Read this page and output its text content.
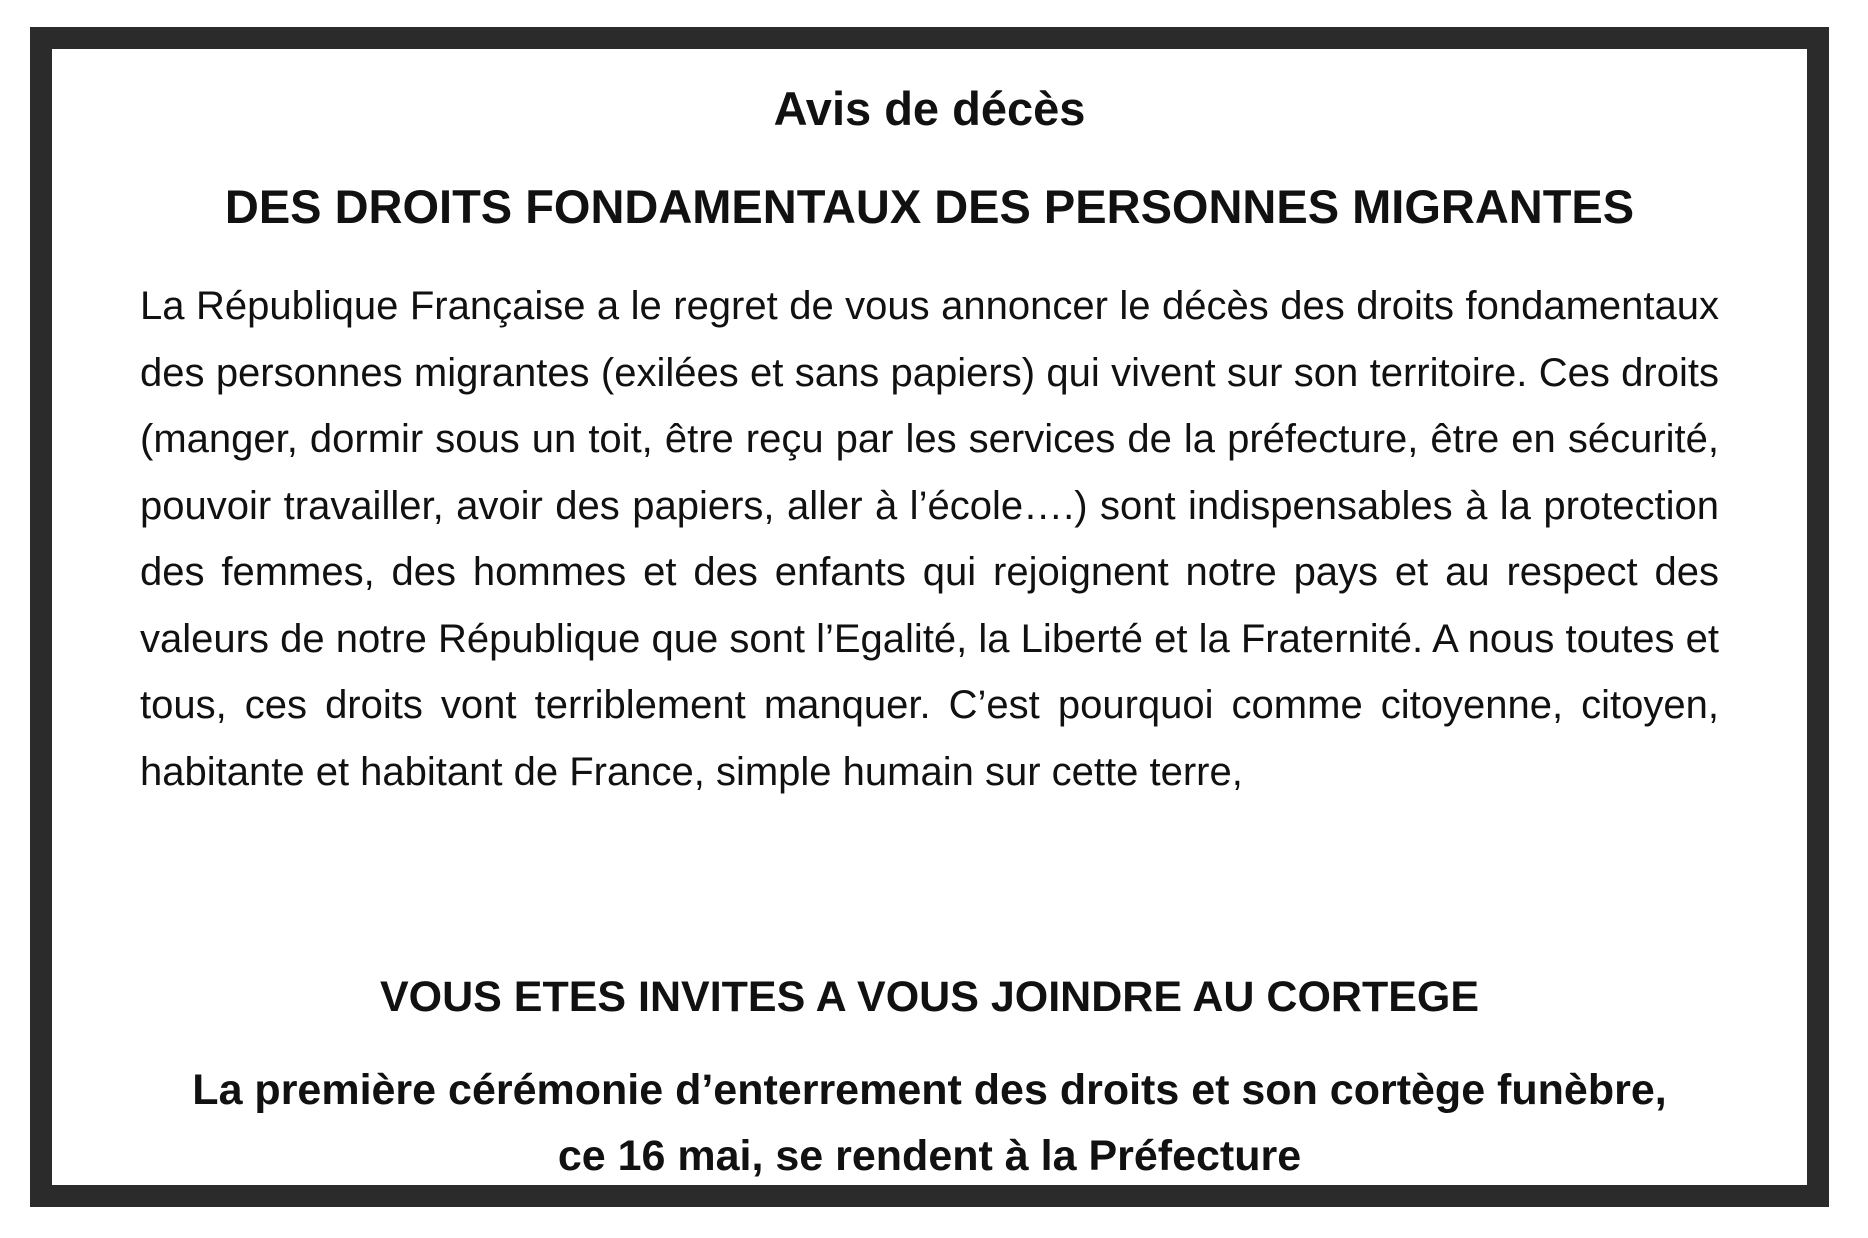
Avis de décès
DES DROITS FONDAMENTAUX DES PERSONNES MIGRANTES

La République Française a le regret de vous annoncer le décès des droits fondamentaux des personnes migrantes (exilées et sans papiers) qui vivent sur son territoire. Ces droits (manger, dormir sous un toit, être reçu par les services de la préfecture, être en sécurité, pouvoir travailler, avoir des papiers, aller à l’école….) sont indispensables à la protection des femmes, des hommes et des enfants qui rejoignent notre pays et au respect des valeurs de notre République que sont l’Egalité, la Liberté et la Fraternité. A nous toutes et tous, ces droits vont terriblement manquer. C’est pourquoi comme citoyenne, citoyen, habitante et habitant de France, simple humain sur cette terre,

VOUS ETES INVITES A VOUS JOINDRE AU CORTEGE

La première cérémonie d’enterrement des droits et son cortège funèbre, ce 16 mai, se rendent à la Préfecture
